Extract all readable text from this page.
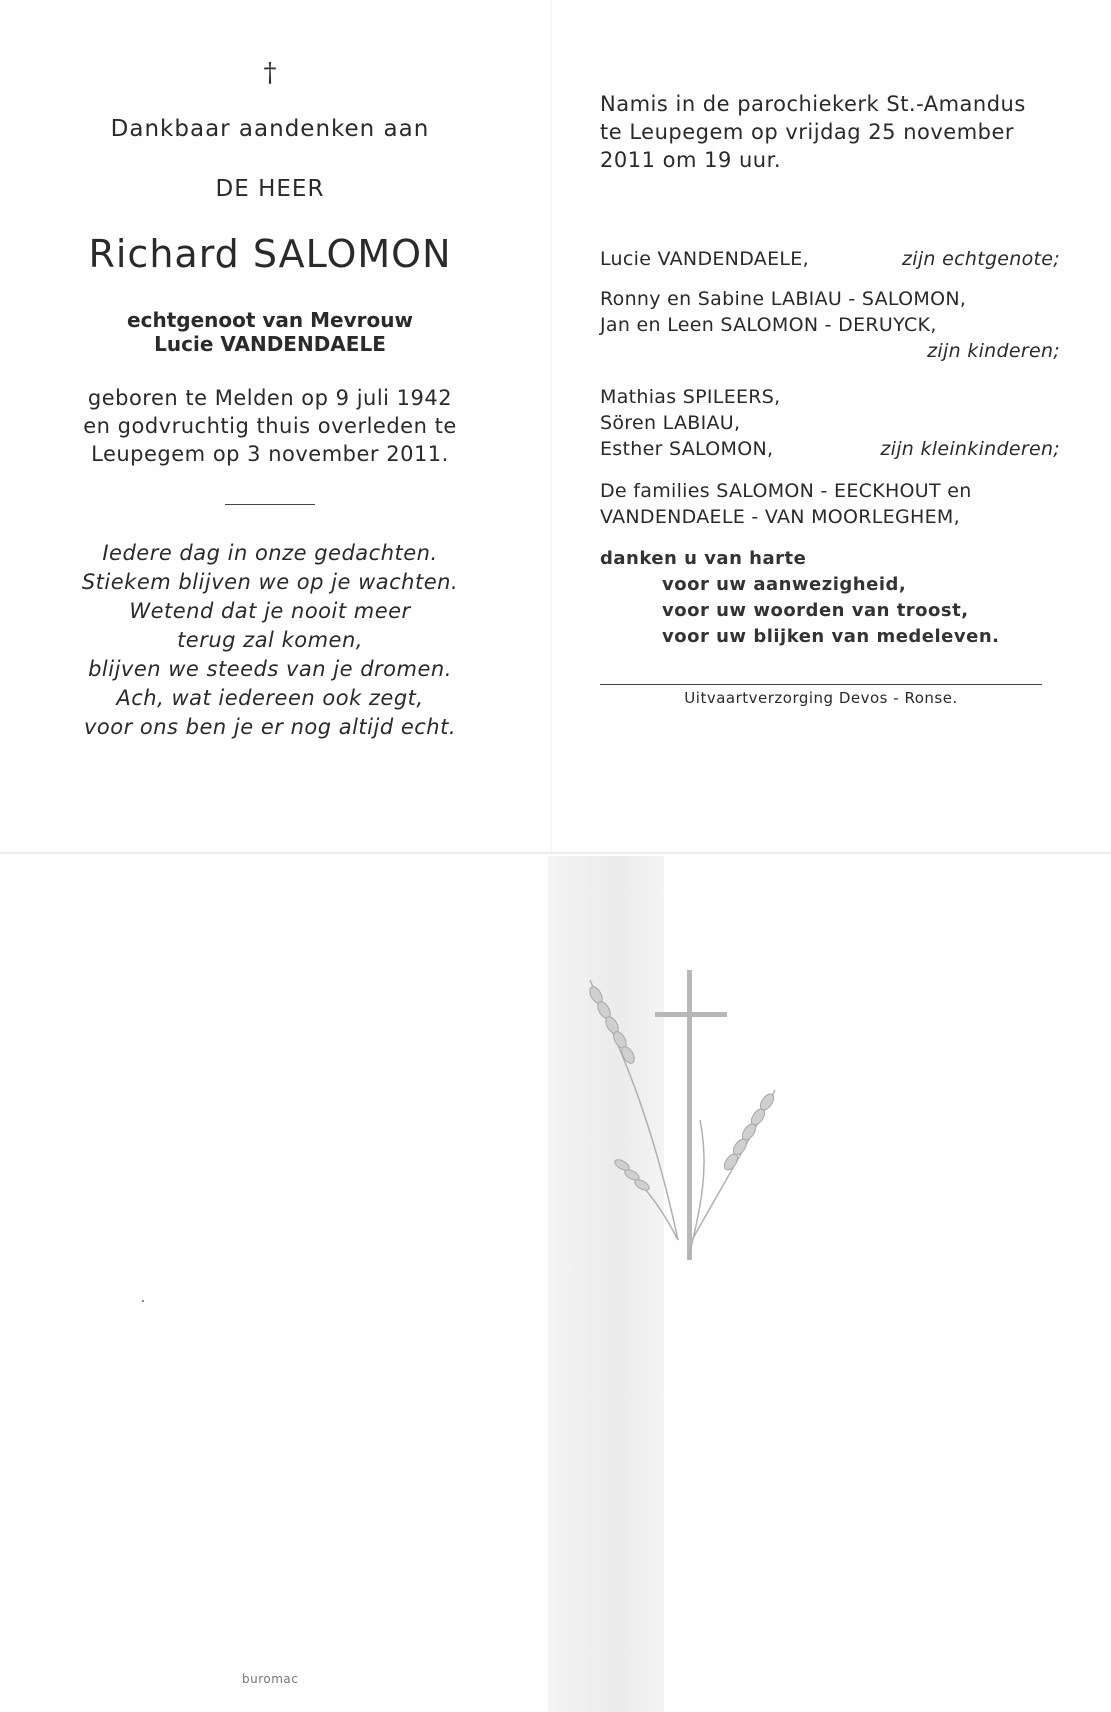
†
Dankbaar aandenken aan
DE HEER
Richard SALOMON
echtgenoot van Mevrouw
Lucie VANDENDAELE
geboren te Melden op 9 juli 1942
en godvruchtig thuis overleden te
Leupegem op 3 november 2011.
Iedere dag in onze gedachten.
Stiekem blijven we op je wachten.
Wetend dat je nooit meer
terug zal komen,
blijven we steeds van je dromen.
Ach, wat iedereen ook zegt,
voor ons ben je er nog altijd echt.
Namis in de parochiekerk St.-Amandus
te Leupegem op vrijdag 25 november
2011 om 19 uur.
Lucie VANDENDAELE,	zijn echtgenote;
Ronny en Sabine LABIAU - SALOMON,
Jan en Leen SALOMON - DERUYCK,
zijn kinderen;
Mathias SPILEERS,
Sören LABIAU,
Esther SALOMON,	zijn kleinkinderen;
De families SALOMON - EECKHOUT en
VANDENDAELE - VAN MOORLEGHEM,
danken u van harte
voor uw aanwezigheid,
voor uw woorden van troost,
voor uw blijken van medeleven.
Uitvaartverzorging Devos - Ronse.
buromac
